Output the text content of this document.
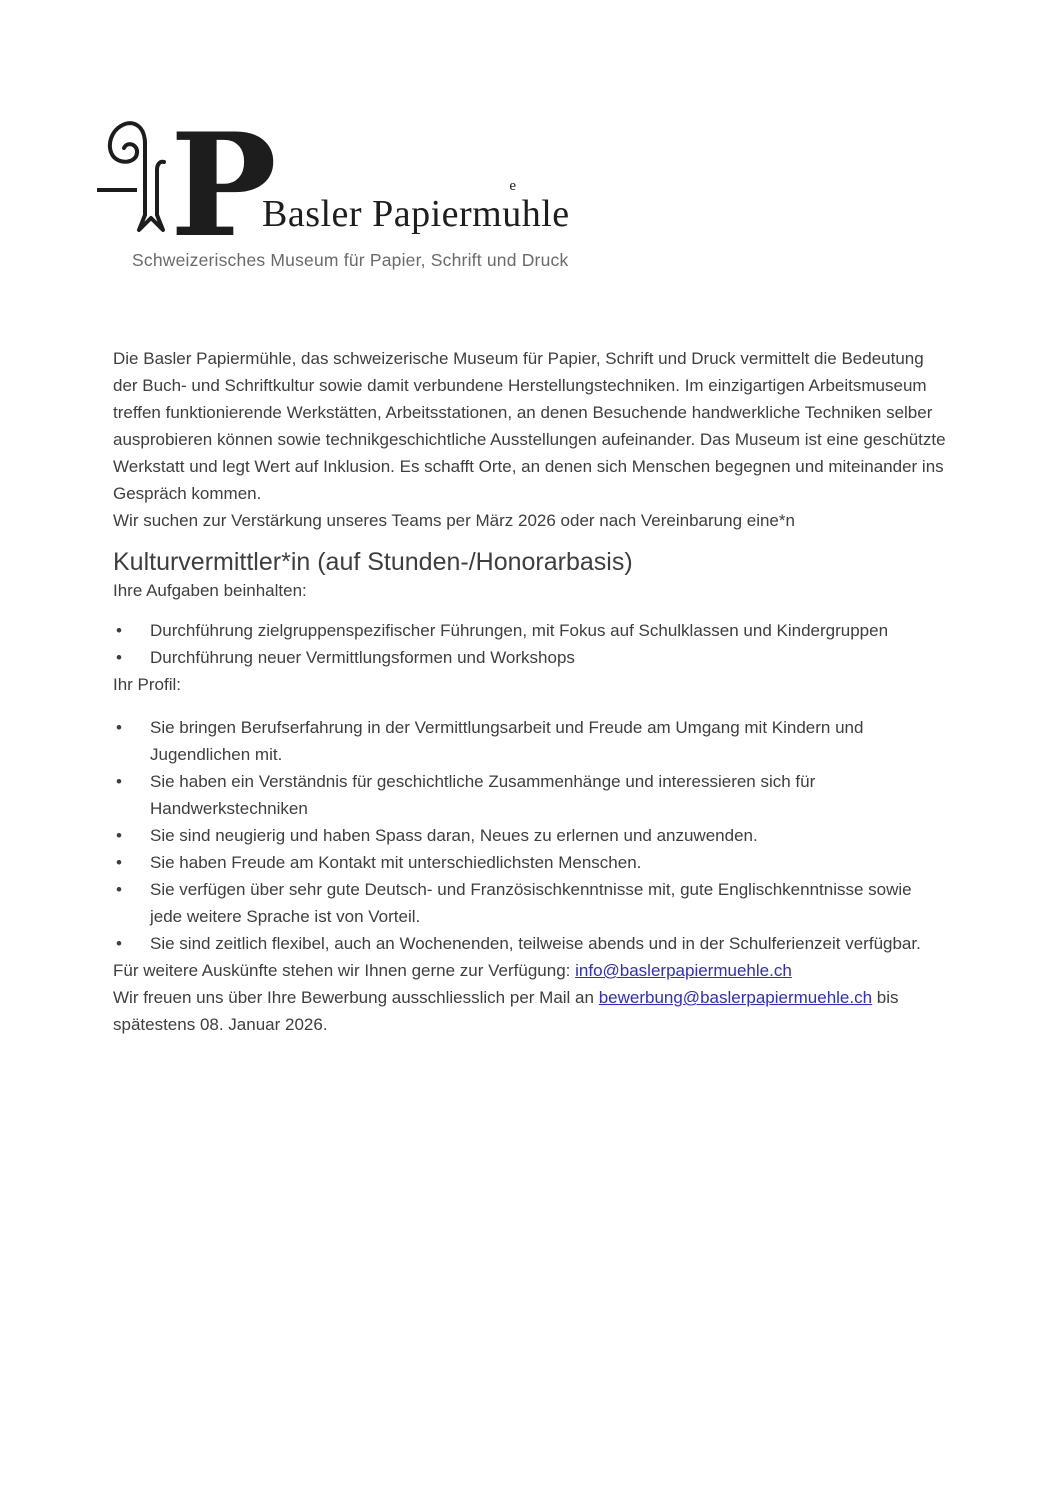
P
Basler Papiermu
e
hle
Schweizerisches Museum für Papier, Schrift und Druck

Die Basler Papiermühle, das schweizerische Museum für Papier, Schrift und Druck vermittelt die Bedeutung der Buch- und Schriftkultur sowie damit verbundene Herstellungstechniken. Im einzigartigen Arbeitsmuseum treffen funktionierende Werkstätten, Arbeitsstationen, an denen Besuchende handwerkliche Techniken selber ausprobieren können sowie technikgeschichtliche Ausstellungen aufeinander. Das Museum ist eine geschützte Werkstatt und legt Wert auf Inklusion. Es schafft Orte, an denen sich Menschen begegnen und miteinander ins Gespräch kommen.

Wir suchen zur Verstärkung unseres Teams per März 2026 oder nach Vereinbarung eine*n

Kulturvermittler*in (auf Stunden-/Honorarbasis)

Ihre Aufgaben beinhalten:

• Durchführung zielgruppenspezifischer Führungen, mit Fokus auf Schulklassen und Kindergruppen
• Durchführung neuer Vermittlungsformen und Workshops

Ihr Profil:

• Sie bringen Berufserfahrung in der Vermittlungsarbeit und Freude am Umgang mit Kindern und Jugendlichen mit.
• Sie haben ein Verständnis für geschichtliche Zusammenhänge und interessieren sich für Handwerkstechniken
• Sie sind neugierig und haben Spass daran, Neues zu erlernen und anzuwenden.
• Sie haben Freude am Kontakt mit unterschiedlichsten Menschen.
• Sie verfügen über sehr gute Deutsch- und Französischkenntnisse mit, gute Englischkenntnisse sowie jede weitere Sprache ist von Vorteil.
• Sie sind zeitlich flexibel, auch an Wochenenden, teilweise abends und in der Schulferienzeit verfügbar.

Für weitere Auskünfte stehen wir Ihnen gerne zur Verfügung: info@baslerpapiermuehle.ch

Wir freuen uns über Ihre Bewerbung ausschliesslich per Mail an bewerbung@baslerpapiermuehle.ch bis spätestens 08. Januar 2026.
